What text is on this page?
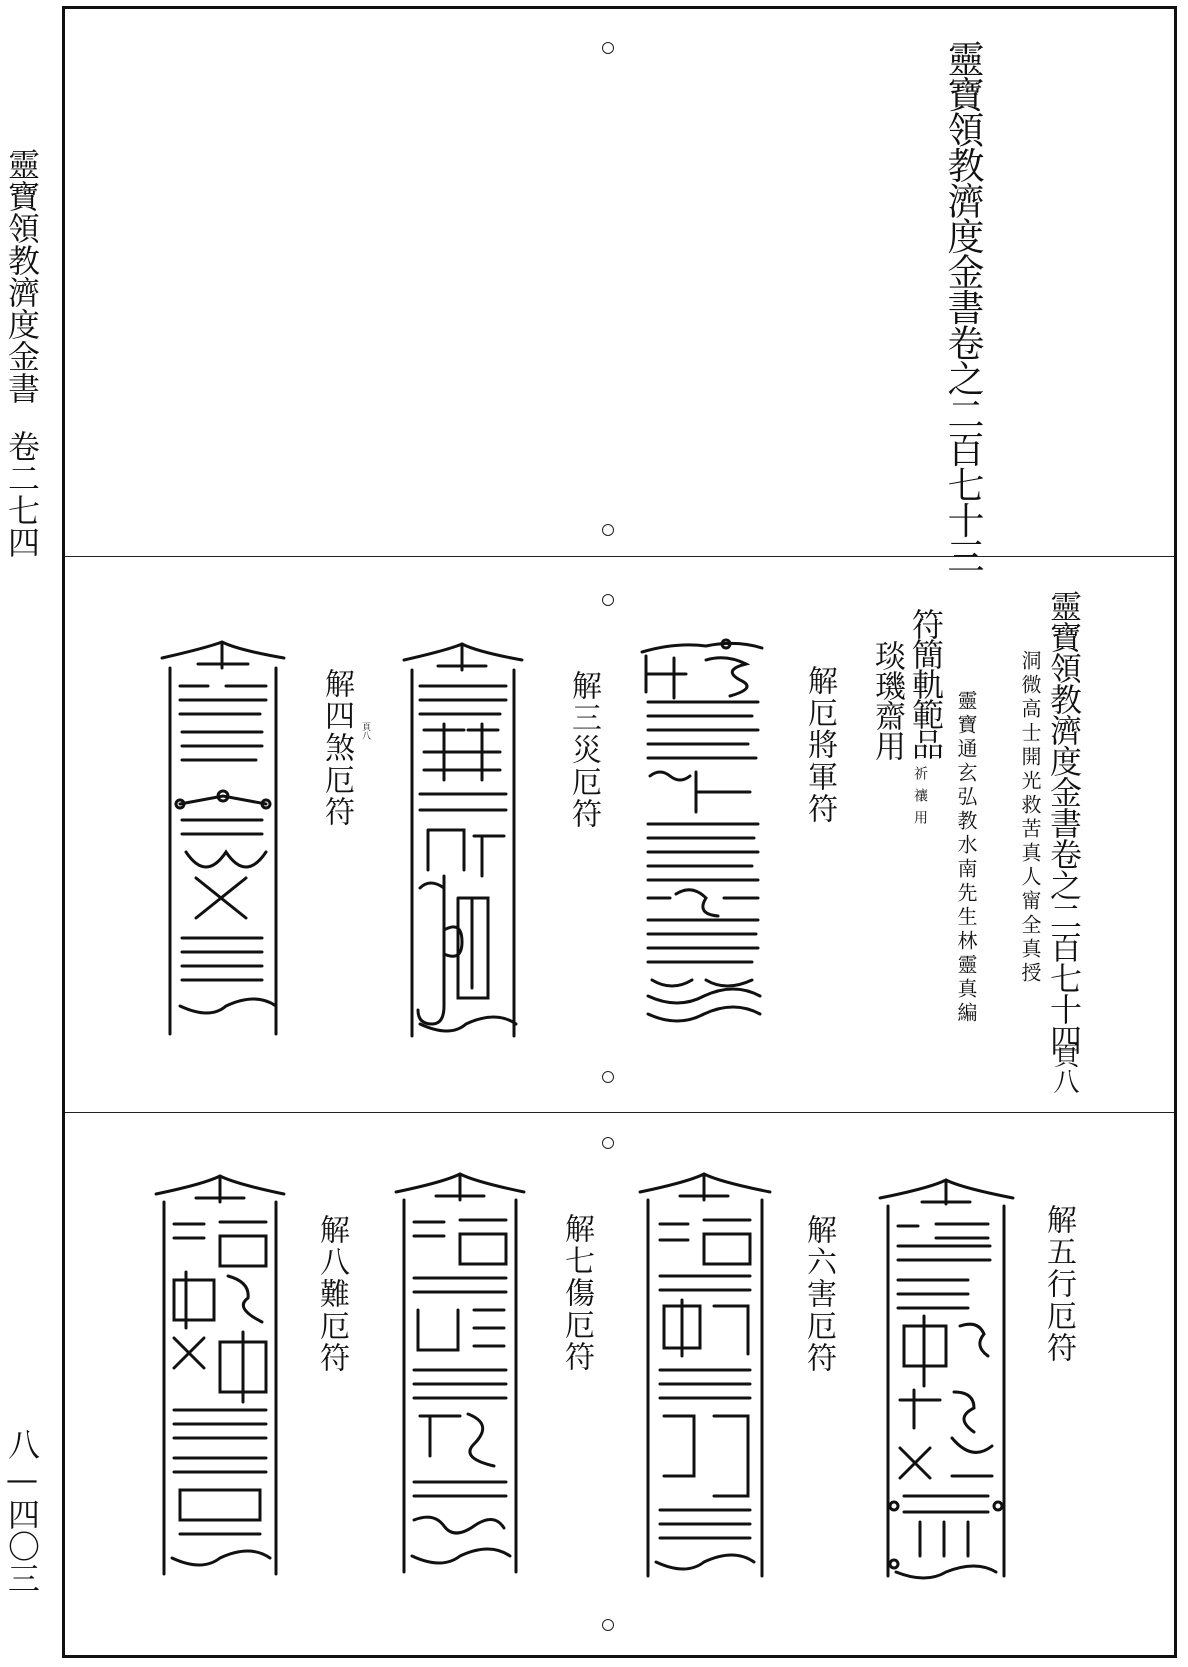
靈寶領教濟度金書
卷二七四
八—四〇三
靈寶領教濟度金書卷之二百七十三
靈寶領教濟度金書卷之二百七十四
頁八
洞微高士開光救苦真人甯全真授
靈寶通玄弘教水南先生林靈真編
符簡軌範品
祈禳用
琰璣齋用
解厄將軍符
解三災厄符
解四煞厄符 頁八
解五行厄符
解六害厄符
解七傷厄符
解八難厄符
